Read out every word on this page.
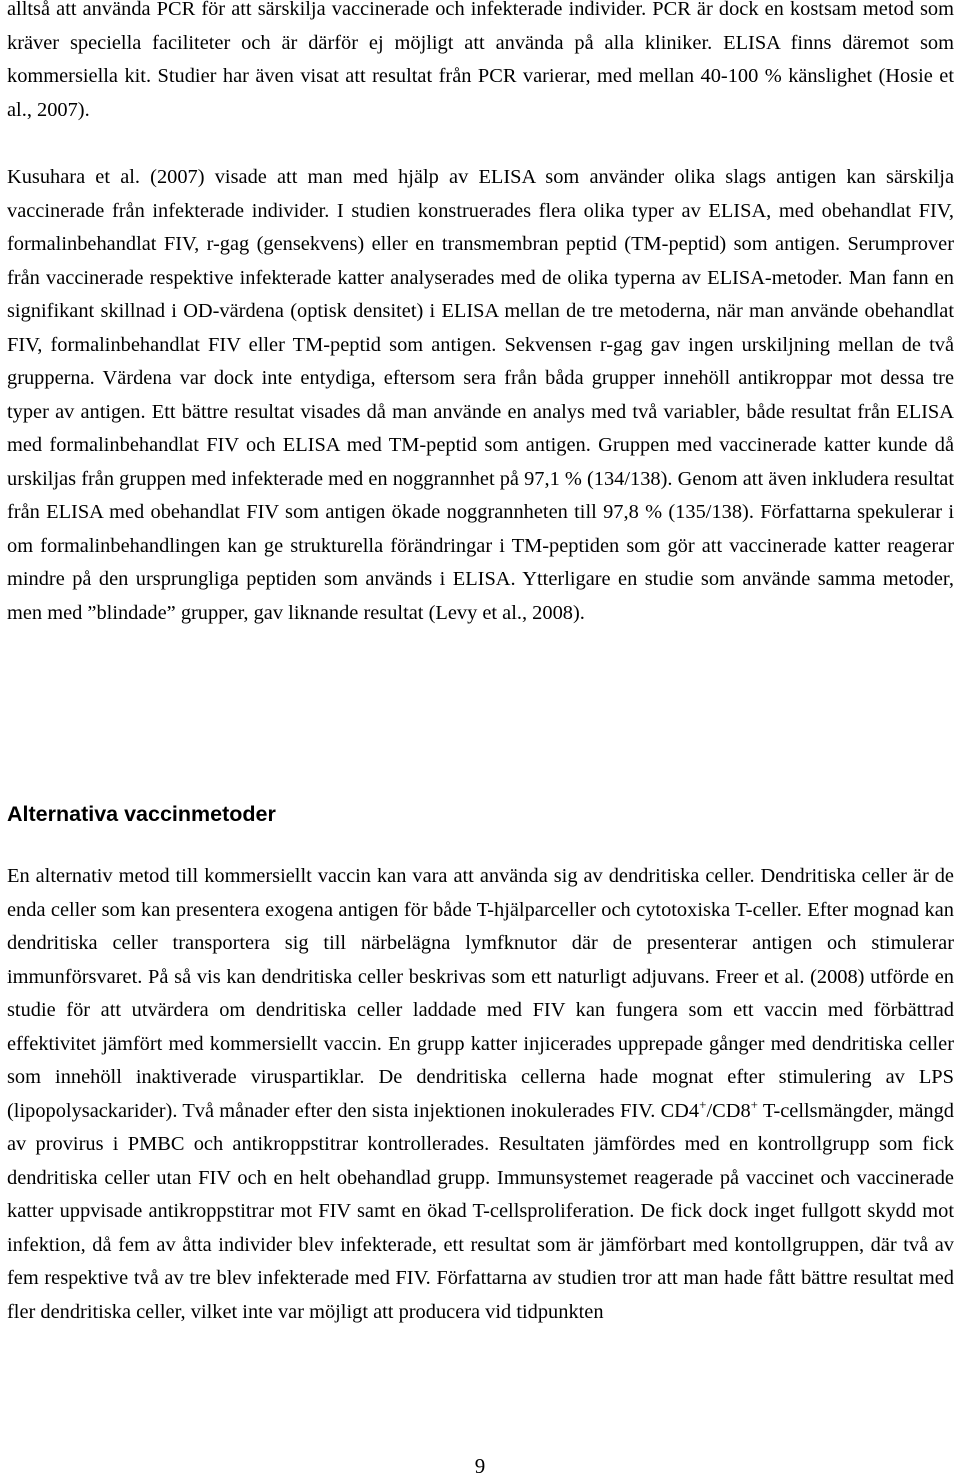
alltså att använda PCR för att särskilja vaccinerade och infekterade individer. PCR är dock en kostsam metod som kräver speciella faciliteter och är därför ej möjligt att använda på alla kliniker. ELISA finns däremot som kommersiella kit. Studier har även visat att resultat från PCR varierar, med mellan 40-100 % känslighet (Hosie et al., 2007).

Kusuhara et al. (2007) visade att man med hjälp av ELISA som använder olika slags antigen kan särskilja vaccinerade från infekterade individer. I studien konstruerades flera olika typer av ELISA, med obehandlat FIV, formalinbehandlat FIV, r-gag (gensekvens) eller en transmembran peptid (TM-peptid) som antigen. Serumprover från vaccinerade respektive infekterade katter analyserades med de olika typerna av ELISA-metoder. Man fann en signifikant skillnad i OD-värdena (optisk densitet) i ELISA mellan de tre metoderna, när man använde obehandlat FIV, formalinbehandlat FIV eller TM-peptid som antigen. Sekvensen r-gag gav ingen urskiljning mellan de två grupperna. Värdena var dock inte entydiga, eftersom sera från båda grupper innehöll antikroppar mot dessa tre typer av antigen. Ett bättre resultat visades då man använde en analys med två variabler, både resultat från ELISA med formalinbehandlat FIV och ELISA med TM-peptid som antigen. Gruppen med vaccinerade katter kunde då urskiljas från gruppen med infekterade med en noggrannhet på 97,1 % (134/138). Genom att även inkludera resultat från ELISA med obehandlat FIV som antigen ökade noggrannheten till 97,8 % (135/138). Författarna spekulerar i om formalinbehandlingen kan ge strukturella förändringar i TM-peptiden som gör att vaccinerade katter reagerar mindre på den ursprungliga peptiden som används i ELISA. Ytterligare en studie som använde samma metoder, men med ”blindade” grupper, gav liknande resultat (Levy et al., 2008).

Alternativa vaccinmetoder

En alternativ metod till kommersiellt vaccin kan vara att använda sig av dendritiska celler. Dendritiska celler är de enda celler som kan presentera exogena antigen för både T-hjälparceller och cytotoxiska T-celler. Efter mognad kan dendritiska celler transportera sig till närbelägna lymfknutor där de presenterar antigen och stimulerar immunförsvaret. På så vis kan dendritiska celler beskrivas som ett naturligt adjuvans. Freer et al. (2008) utförde en studie för att utvärdera om dendritiska celler laddade med FIV kan fungera som ett vaccin med förbättrad effektivitet jämfört med kommersiellt vaccin. En grupp katter injicerades upprepade gånger med dendritiska celler som innehöll inaktiverade viruspartiklar. De dendritiska cellerna hade mognat efter stimulering av LPS (lipopolysackarider). Två månader efter den sista injektionen inokulerades FIV. CD4+/CD8+ T-cellsmängder, mängd av provirus i PMBC och antikroppstitrar kontrollerades. Resultaten jämfördes med en kontrollgrupp som fick dendritiska celler utan FIV och en helt obehandlad grupp. Immunsystemet reagerade på vaccinet och vaccinerade katter uppvisade antikroppstitrar mot FIV samt en ökad T-cellsproliferation. De fick dock inget fullgott skydd mot infektion, då fem av åtta individer blev infekterade, ett resultat som är jämförbart med kontollgruppen, där två av fem respektive två av tre blev infekterade med FIV. Författarna av studien tror att man hade fått bättre resultat med fler dendritiska celler, vilket inte var möjligt att producera vid tidpunkten

9
